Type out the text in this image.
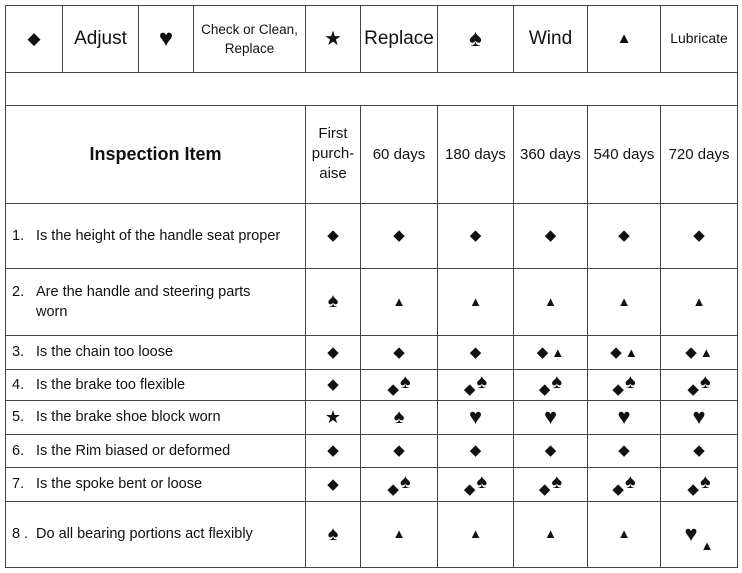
◆	Adjust	♥	Check or Clean,
Replace	★	Replace	♠	Wind	▲	Lubricate

Inspection Item	First
purch-
aise	60 days	180 days	360 days	540 days	720 days
1. Is the height of the handle seat proper	◆	◆	◆	◆	◆	◆
2. Are the handle and steering parts worn	♠	▲	▲	▲	▲	▲
3. Is the chain too loose	◆	◆	◆	◆ ▲	◆ ▲	◆ ▲
4. Is the brake too flexible	◆	◆♠	◆♠	◆♠	◆♠	◆♠
5. Is the brake shoe block worn	★	♠	♥	♥	♥	♥
6. Is the Rim biased or deformed	◆	◆	◆	◆	◆	◆
7. Is the spoke bent or loose	◆	◆♠	◆♠	◆♠	◆♠	◆♠
8 . Do all bearing portions act flexibly	♠	▲	▲	▲	▲	♥ ▲
